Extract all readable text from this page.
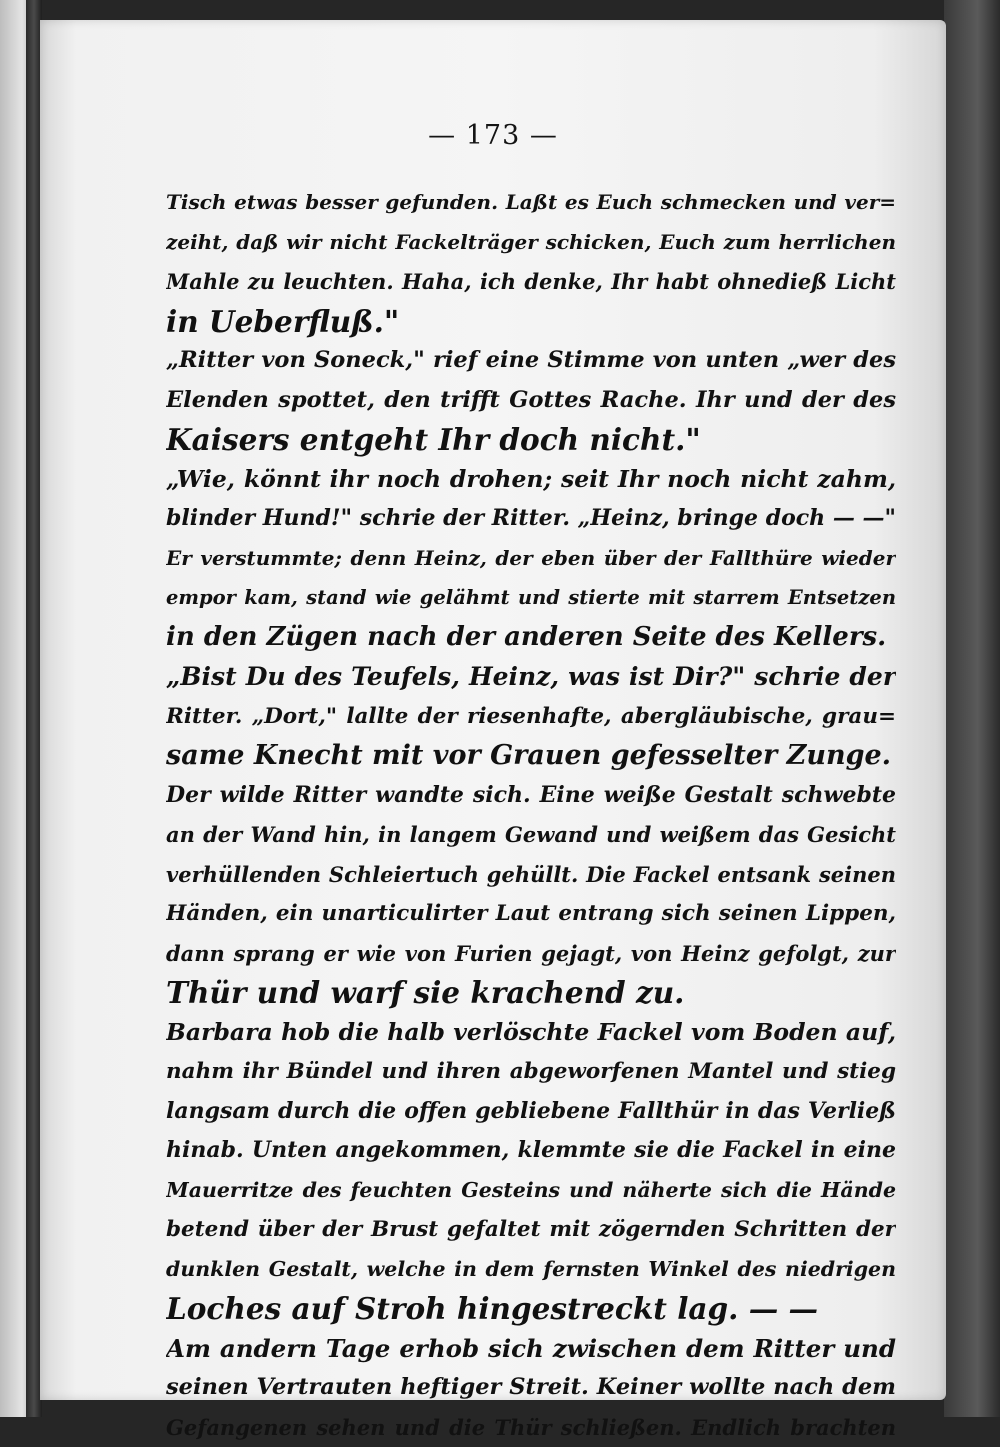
— 173 —
Tisch etwas besser gefunden. Laßt es Euch schmecken und ver=
zeiht, daß wir nicht Fackelträger schicken, Euch zum herrlichen
Mahle zu leuchten. Haha, ich denke, Ihr habt ohnedieß Licht
in Ueberfluß."
„Ritter von Soneck," rief eine Stimme von unten „wer des
Elenden spottet, den trifft Gottes Rache. Ihr und der des
Kaisers entgeht Ihr doch nicht."
„Wie, könnt ihr noch drohen; seit Ihr noch nicht zahm,
blinder Hund!" schrie der Ritter. „Heinz, bringe doch — —"
Er verstummte; denn Heinz, der eben über der Fallthüre wieder
empor kam, stand wie gelähmt und stierte mit starrem Entsetzen
in den Zügen nach der anderen Seite des Kellers.
„Bist Du des Teufels, Heinz, was ist Dir?" schrie der
Ritter. „Dort," lallte der riesenhafte, abergläubische, grau=
same Knecht mit vor Grauen gefesselter Zunge.
Der wilde Ritter wandte sich. Eine weiße Gestalt schwebte
an der Wand hin, in langem Gewand und weißem das Gesicht
verhüllenden Schleiertuch gehüllt. Die Fackel entsank seinen
Händen, ein unarticulirter Laut entrang sich seinen Lippen,
dann sprang er wie von Furien gejagt, von Heinz gefolgt, zur
Thür und warf sie krachend zu.
Barbara hob die halb verlöschte Fackel vom Boden auf,
nahm ihr Bündel und ihren abgeworfenen Mantel und stieg
langsam durch die offen gebliebene Fallthür in das Verließ
hinab. Unten angekommen, klemmte sie die Fackel in eine
Mauerritze des feuchten Gesteins und näherte sich die Hände
betend über der Brust gefaltet mit zögernden Schritten der
dunklen Gestalt, welche in dem fernsten Winkel des niedrigen
Loches auf Stroh hingestreckt lag. — —
Am andern Tage erhob sich zwischen dem Ritter und
seinen Vertrauten heftiger Streit. Keiner wollte nach dem
Gefangenen sehen und die Thür schließen. Endlich brachten
